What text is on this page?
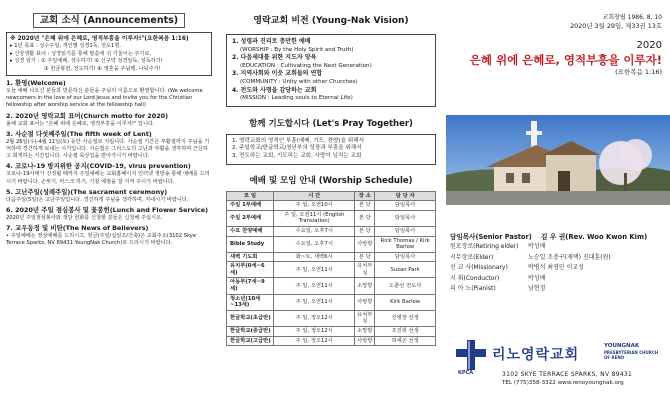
교회 소식 (Announcements)
※ 2020년 "은혜 위에 은혜로, 영적부흥을 이루자!"(요한복음 1:16)
▸ 1년 목표 : 성수주일, 개인별 성경1독, 전도1명,
▸ 신앙생활 표어 : 성경읽기를 통해 말씀에 귀 기울이는 주기로,
▸ 성경 읽기 : ① 주일예배, 성수하기! ② 신구약 성경일독, 일독하기!
③ 헌금봉헌, 전도하기! ④ 영혼을 주님께, 나눠주기!
1. 환영(Welcome)
오늘 예배 나오신 분들과 방문하신 분들을 주님의 이름으로 환영합니다. (We welcome newcomers in the love of our Lord Jesus and invite you for the Christian fellowship after worship service at the fellowship hall)
2. 2020년 영락교회 표어(Church motto for 2020)
올해 교회 표어는 "은혜 위에 은혜로, 영적부흥을 이루자!" 입니다.
3. 사순절 다섯째주일(The fifth week of Lent)
2월 26일(수)-4월 11일(토) 동안 사순절로 지킵니다. 사순절 기간은 부활절까지 주님을 기억하며 경건하게 보내는 시기입니다. 사순절은 그리스도의 고난과 부활을 생각하며 근신하고 회개하는 기간입니다. 사순절 묵상집을 받아가시기 바랍니다.
4. 코로나-19 방지위한 공지(COVID-19, virus prevention)
코로나-19사태가 진정될 때까지 주일예배는 교회홈페이지 인터넷 생방송 통해 예배를 드리시기 바랍니다. 손씻기, 마스크 하기, 기침 예절을 잘 지켜 주시기 바랍니다.
5. 고난주일(성례주일)(The sacrament ceremony)
다음주일(5일)은 고난주일입니다. 경건하게 주님을 생각하며, 지내시기 바랍니다.
6. 2020년 주일 점심봉사 및 꽃봉헌(Lunch and Flower Service)
2020년 주일점심봉사와 생단 헌화를 신청할 분들은 신청해 주십시오.
7. 교우동정 및 비탄(The News of Believers)
• 주일예배는 영상예배를 드리시고, 헌금(주일/십일조/건축)은 교회주소(3102 Skye Terrace Sparks, NV 89431 YoungNak Church)로 드리시기 바랍니다.
영락교회 비전 (Young-Nak Vision)
1. 성령과 진리로 충만한 예배
(WORSHIP : By the Holy Spirit and Truth)
2. 다음세대를 위한 지도자 양육
(EDUCATION : Cultivating the Next Generation)
3. 지역사회와 이웃 교회들의 연합
(COMMUNITY : Unity with other Churches)
4. 전도와 사명을 감당하는 교회
(MISSION : Leading souls to Eternal Life)
함께 기도합시다 (Let's Pray Together)
1. 영락교회의 영적인 부흥(예배, 기도, 찬양)을 위해서
2. 주일학교/한글학교/청년부의 성장과 부흥을 위해서
3. 전도하는 교회, 기도하는 교회, 사랑이 넘치는 교회
예배 및 모임 안내 (Worship Schedule)
모 임	시 간	장 소	담 당 자
주일 1부예배	주 일, 오전10시	본 당	담임목사
주일 2부예배	주 일, 오전11시 (English Translation)	본 당	담임목사
수요 찬양예배	수요일, 오후7시	본 당	담임목사
Bible Study	수요일, 오후7시	사랑방	Rick Thomas / Kirk Barlow
새벽 기도회	화~토, 새벽6시	본 당	담임목사
유치부(0세~6세)	주 일, 오전11시	유치부실	Susan Park
아동부(7세~9세)	주 일, 오전11시	소망방	노춘선 전도사
청소년(10세~13세)	주 일, 오전11시	사랑방	Kirk Barlow
한글학교(초급반)	주 일, 정오12시	유치부실	진병장 선생
한글학교(중급반)	주 일, 정오12시	소망방	조진희 선생
한글학교(고급반)	주 일, 정오12시	사랑방	허세곤 선생
교회창립 1986. 8. 10
2020년 3월 29일, 제33권 13호
2020
은혜 위에 은혜로, 영적부흥을 이루자!
(요한복음 1:16)
담임목사(Senior Pastor) 김 우 권(Rev. Woo Kwon Kim)
원로장로(Retiring elder) 박성배
시무장로(Elder)	노승일 조충구(재택) 진대훈(원)
선 교 사(Missionary)	박병석 최영민 이교성
지 휘(Conductor)	박성배
피 아 노(Pianist)	남현정
KPCA
리노영락교회
YOUNGNAK
PRESBYTERIAN CHURCH
OF RENO
3102 SKYE TERRACE SPARKS, NV 89431
TEL (775)358-3322 www.renoyoungnak.org
